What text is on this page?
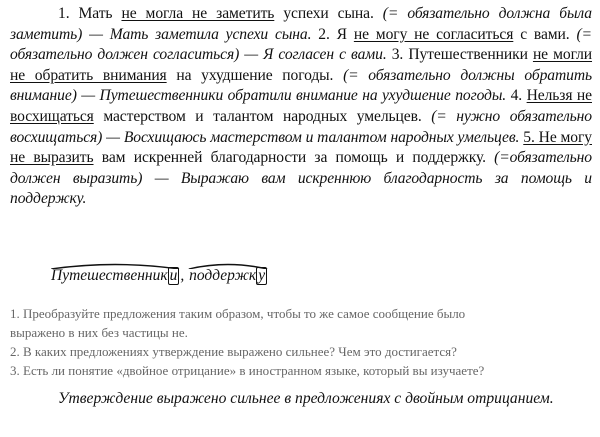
1. Мать не могла не заметить успехи сына. (= обязательно должна была заметить) — Мать заметила успехи сына. 2. Я не могу не согласиться с вами. (= обязательно должен согласиться) — Я согласен с вами. 3. Путешественники не могли не обратить внимания на ухудшение погоды. (= обязательно должны обратить внимание) — Путешественники обратили внимание на ухудшение погоды. 4. Нельзя не восхищаться мастерством и талантом народных умельцев. (= нужно обязательно восхищаться) — Восхищаюсь мастерством и талантом народных умельцев. 5. Не могу не выразить вам искренней благодарности за помощь и поддержку. (=обязательно должен выразить) — Выражаю вам искреннюю благодарность за помощь и поддержку.

Путешественник и ,
поддержк у
1. Преобразуйте предложения таким образом, чтобы то же самое сообщение было
выражено в них без частицы не.
2. В каких предложениях утверждение выражено сильнее? Чем это достигается?
3. Есть ли понятие «двойное отрицание» в иностранном языке, который вы изучаете?
Утверждение выражено сильнее в предложениях с двойным отрицанием.
